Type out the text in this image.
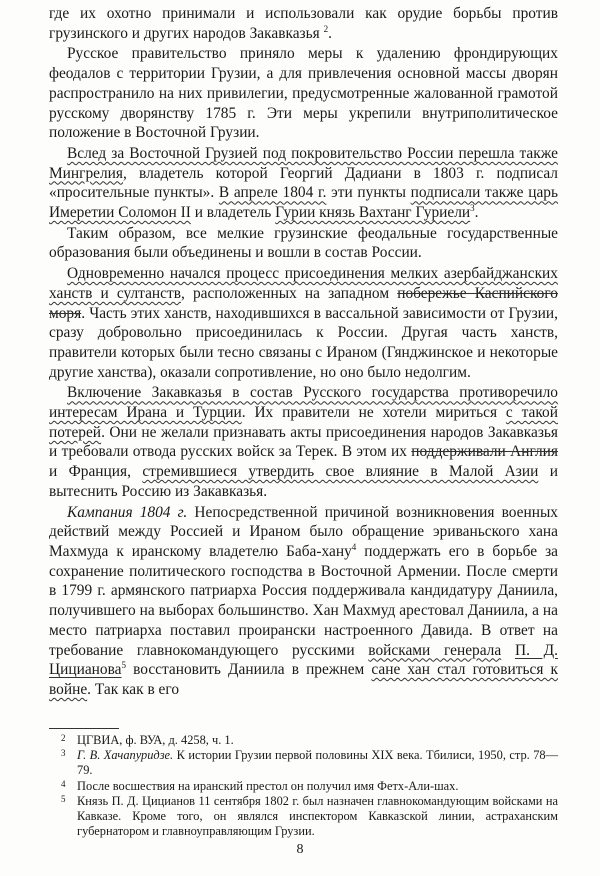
где их охотно принимали и использовали как орудие борьбы против грузинского и других народов Закавказья $^2$.

Русское правительство приняло меры к удалению фрондирующих феодалов с территории Грузии, а для привлечения основной массы дворян распространило на них привилегии, предусмотренные жалованной грамотой русскому дворянству 1785 г. Эти меры укрепили внутриполитическое положение в Восточной Грузии.

Вслед за Восточной Грузией под покровительство России перешла также Мингрелия, владетель которой Георгий Дадиани в 1803 г. подписал «просительные пункты». В апреле 1804 г. эти пункты подписали также царь Имеретии Соломон II и владетель Гурии князь Вахтанг Гуриели$^3$.

Таким образом, все мелкие грузинские феодальные государственные образования были объединены и вошли в состав России.

Одновременно начался процесс присоединения мелких азербайджанских ханств и султанств, расположенных на западном побережье Каспийского моря. Часть этих ханств, находившихся в вассальной зависимости от Грузии, сразу добровольно присоединилась к России. Другая часть ханств, правители которых были тесно связаны с Ираном (Гянджинское и некоторые другие ханства), оказали сопротивление, но оно было недолгим.

Включение Закавказья в состав Русского государства противоречило интересам Ирана и Турции. Их правители не хотели мириться с такой потерей. Они не желали признавать акты присоединения народов Закавказья и требовали отвода русских войск за Терек. В этом их поддерживали Англия и Франция, стремившиеся утвердить свое влияние в Малой Азии и вытеснить Россию из Закавказья.

Кампания 1804 г. Непосредственной причиной возникновения военных действий между Россией и Ираном было обращение эриваньского хана Махмуда к иранскому владетелю Баба-хану$^4$ поддержать его в борьбе за сохранение политического господства в Восточной Армении. После смерти в 1799 г. армянского патриарха Россия поддерживала кандидатуру Даниила, получившего на выборах большинство. Хан Махмуд арестовал Даниила, а на место патриарха поставил проирански настроенного Давида. В ответ на требование главнокомандующего русскими войсками генерала П. Д. Цицианова$^5$ восстановить Даниила в прежнем сане хан стал готовиться к войне. Так как в его

2 ЦГВИА, ф. ВУА, д. 4258, ч. 1.

3 Г. В. Хачапуридзе. К истории Грузии первой половины XIX века. Тбилиси, 1950, стр. 78—79.

4 После восшествия на иранский престол он получил имя Фетх-Али-шах.

5 Князь П. Д. Цицианов 11 сентября 1802 г. был назначен главнокомандующим войсками на Кавказе. Кроме того, он являлся инспектором Кавказской линии, астраханским губернатором и главноуправляющим Грузии.

8
